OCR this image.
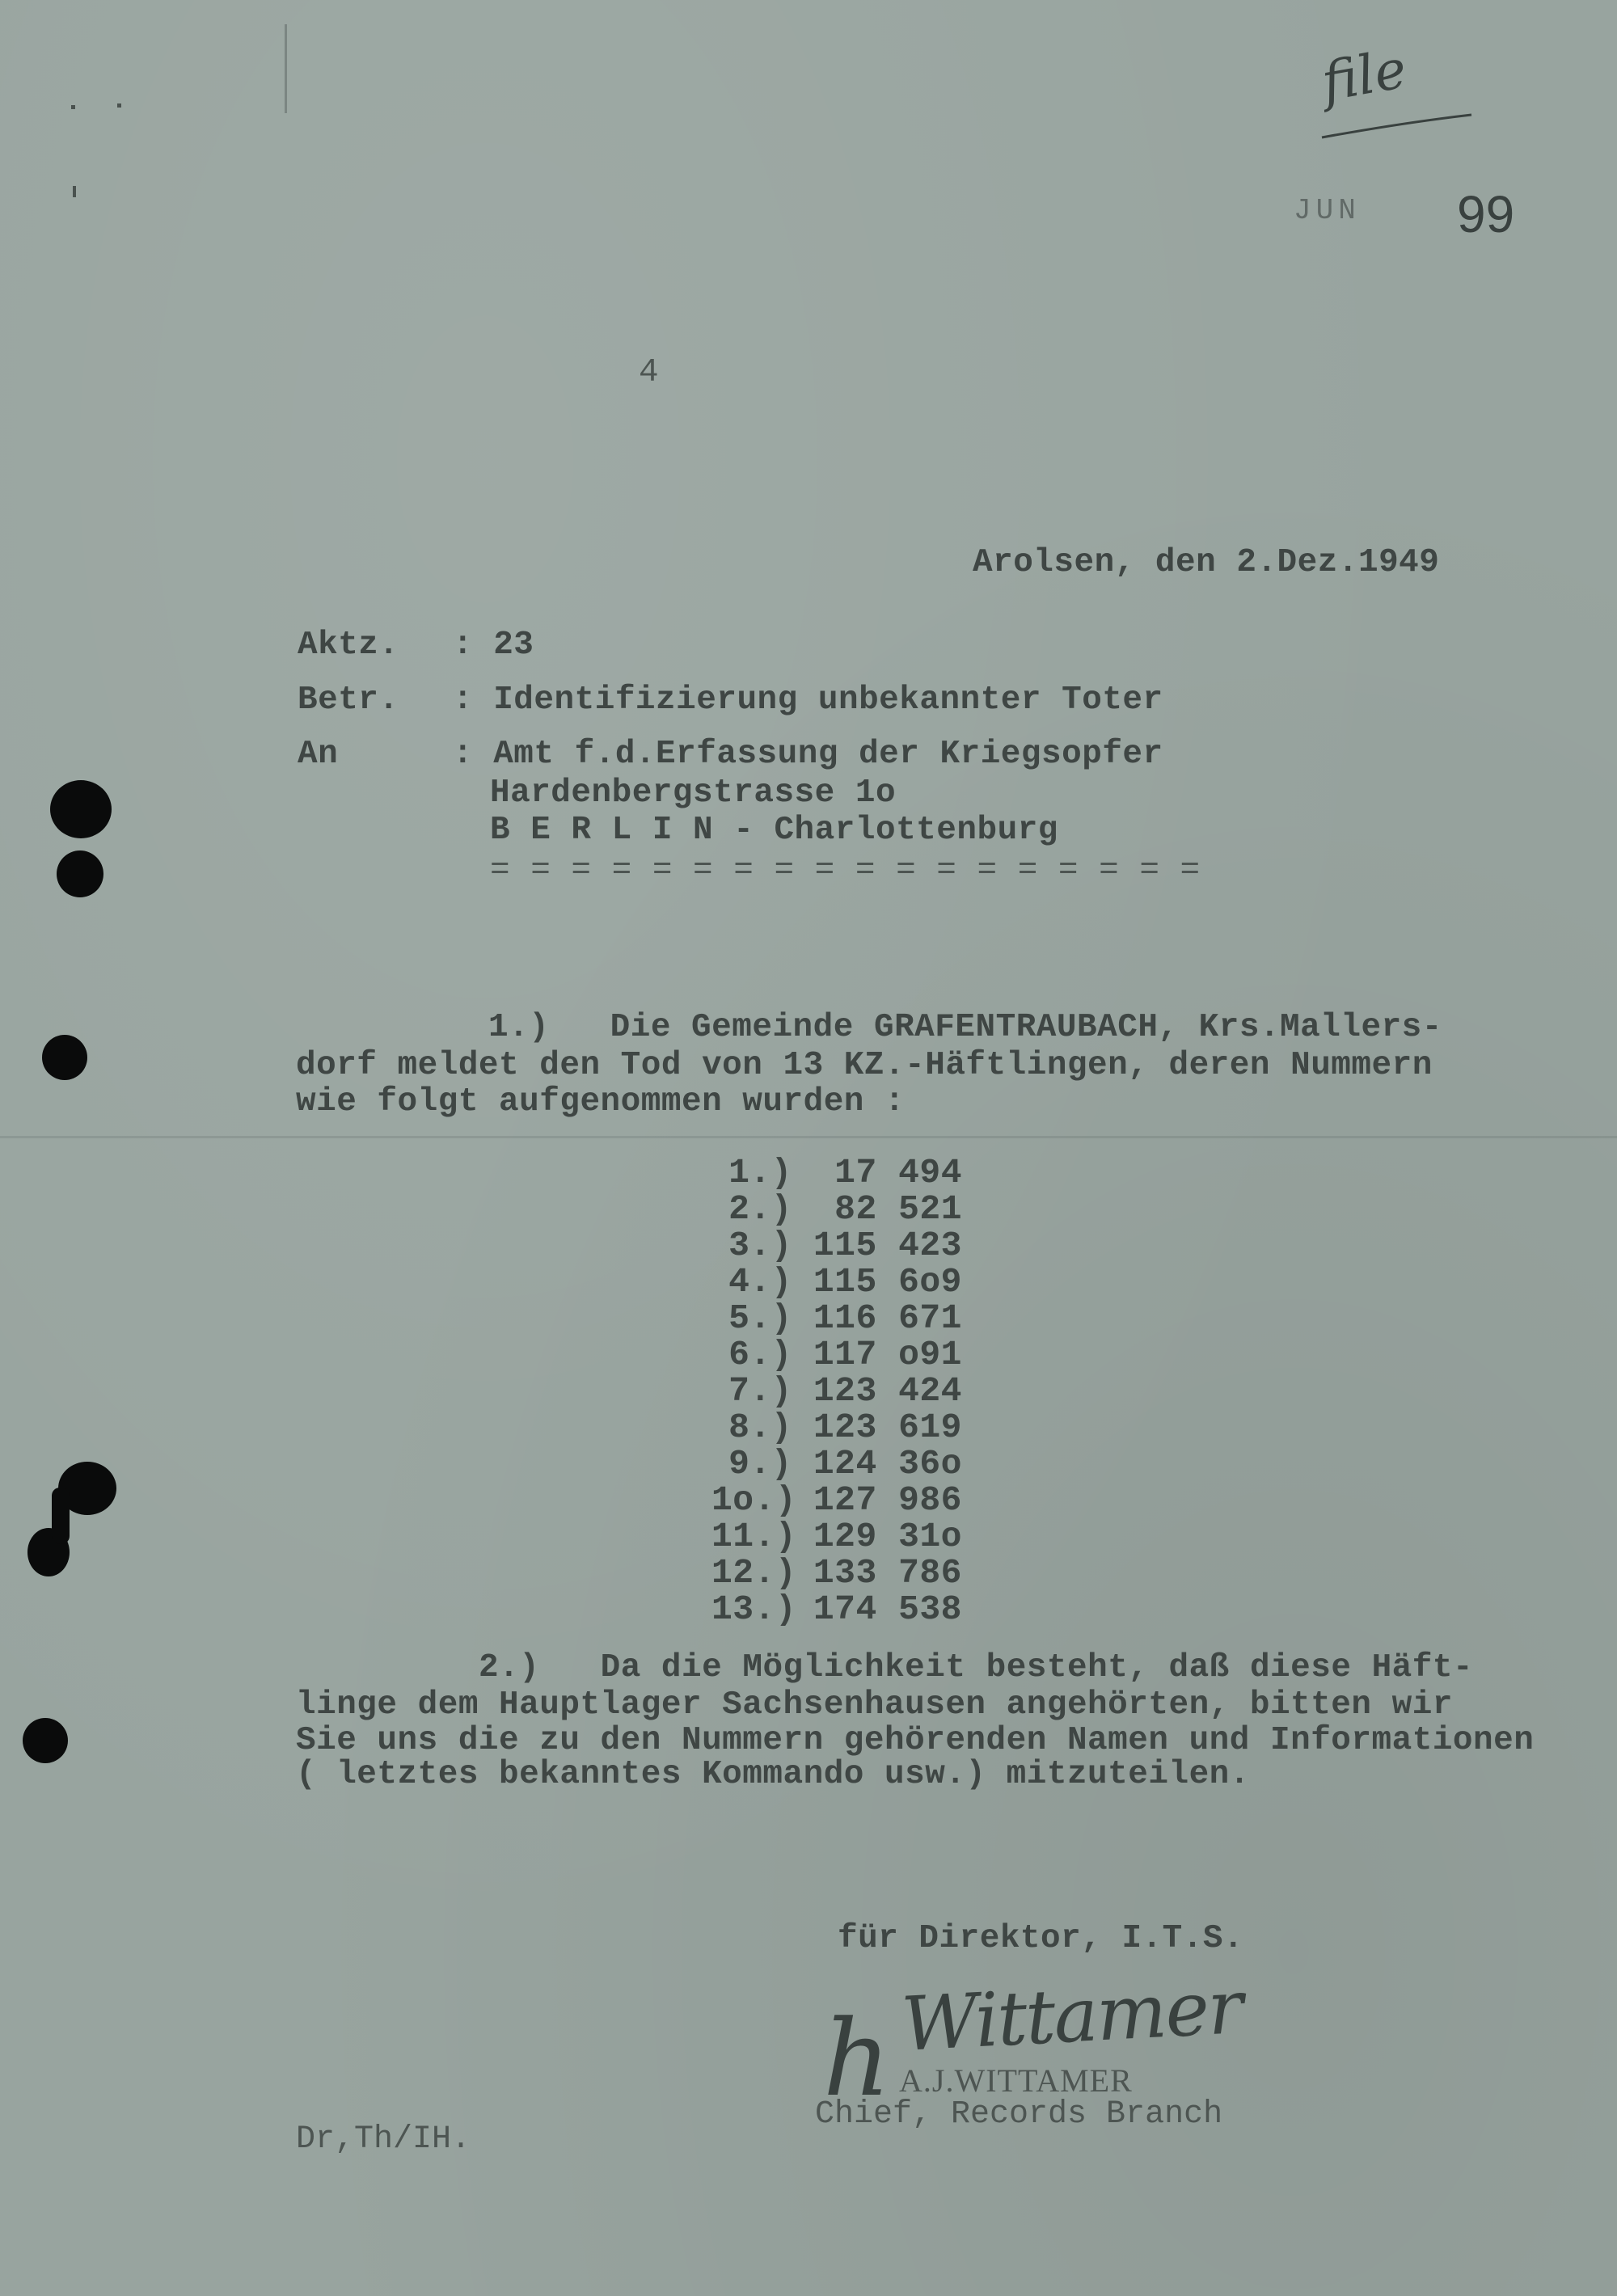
file
JUN 99
4
Arolsen, den 2.Dez.1949
Aktz. : 23
Betr. : Identifizierung unbekannter Toter
An	: Amt f.d.Erfassung der Kriegsopfer
Hardenbergstrasse 1o
B E R L I N - Charlottenburg
= = = = = = = = = = = = = = = = = =
1.)   Die Gemeinde GRAFENTRAUBACH, Krs.Mallers-
dorf meldet den Tod von 13 KZ.-Häftlingen, deren Nummern
wie folgt aufgenommen wurden :
1.)	17 494
2.)	82 521
3.) 115 423
4.) 115 6o9
5.) 116 671
6.) 117 o91
7.) 123 424
8.) 123 619
9.) 124 36o
1o.) 127 986
11.) 129 31o
12.) 133 786
13.) 174 538
2.)   Da die Möglichkeit besteht, daß diese Häft-
linge dem Hauptlager Sachsenhausen angehörten, bitten wir
Sie uns die zu den Nummern gehörenden Namen und Informationen
( letztes bekanntes Kommando usw.) mitzuteilen.
für Direktor, I.T.S.
Wittamer
h A.J.WITTAMER
Chief, Records Branch
Dr,Th/IH.
